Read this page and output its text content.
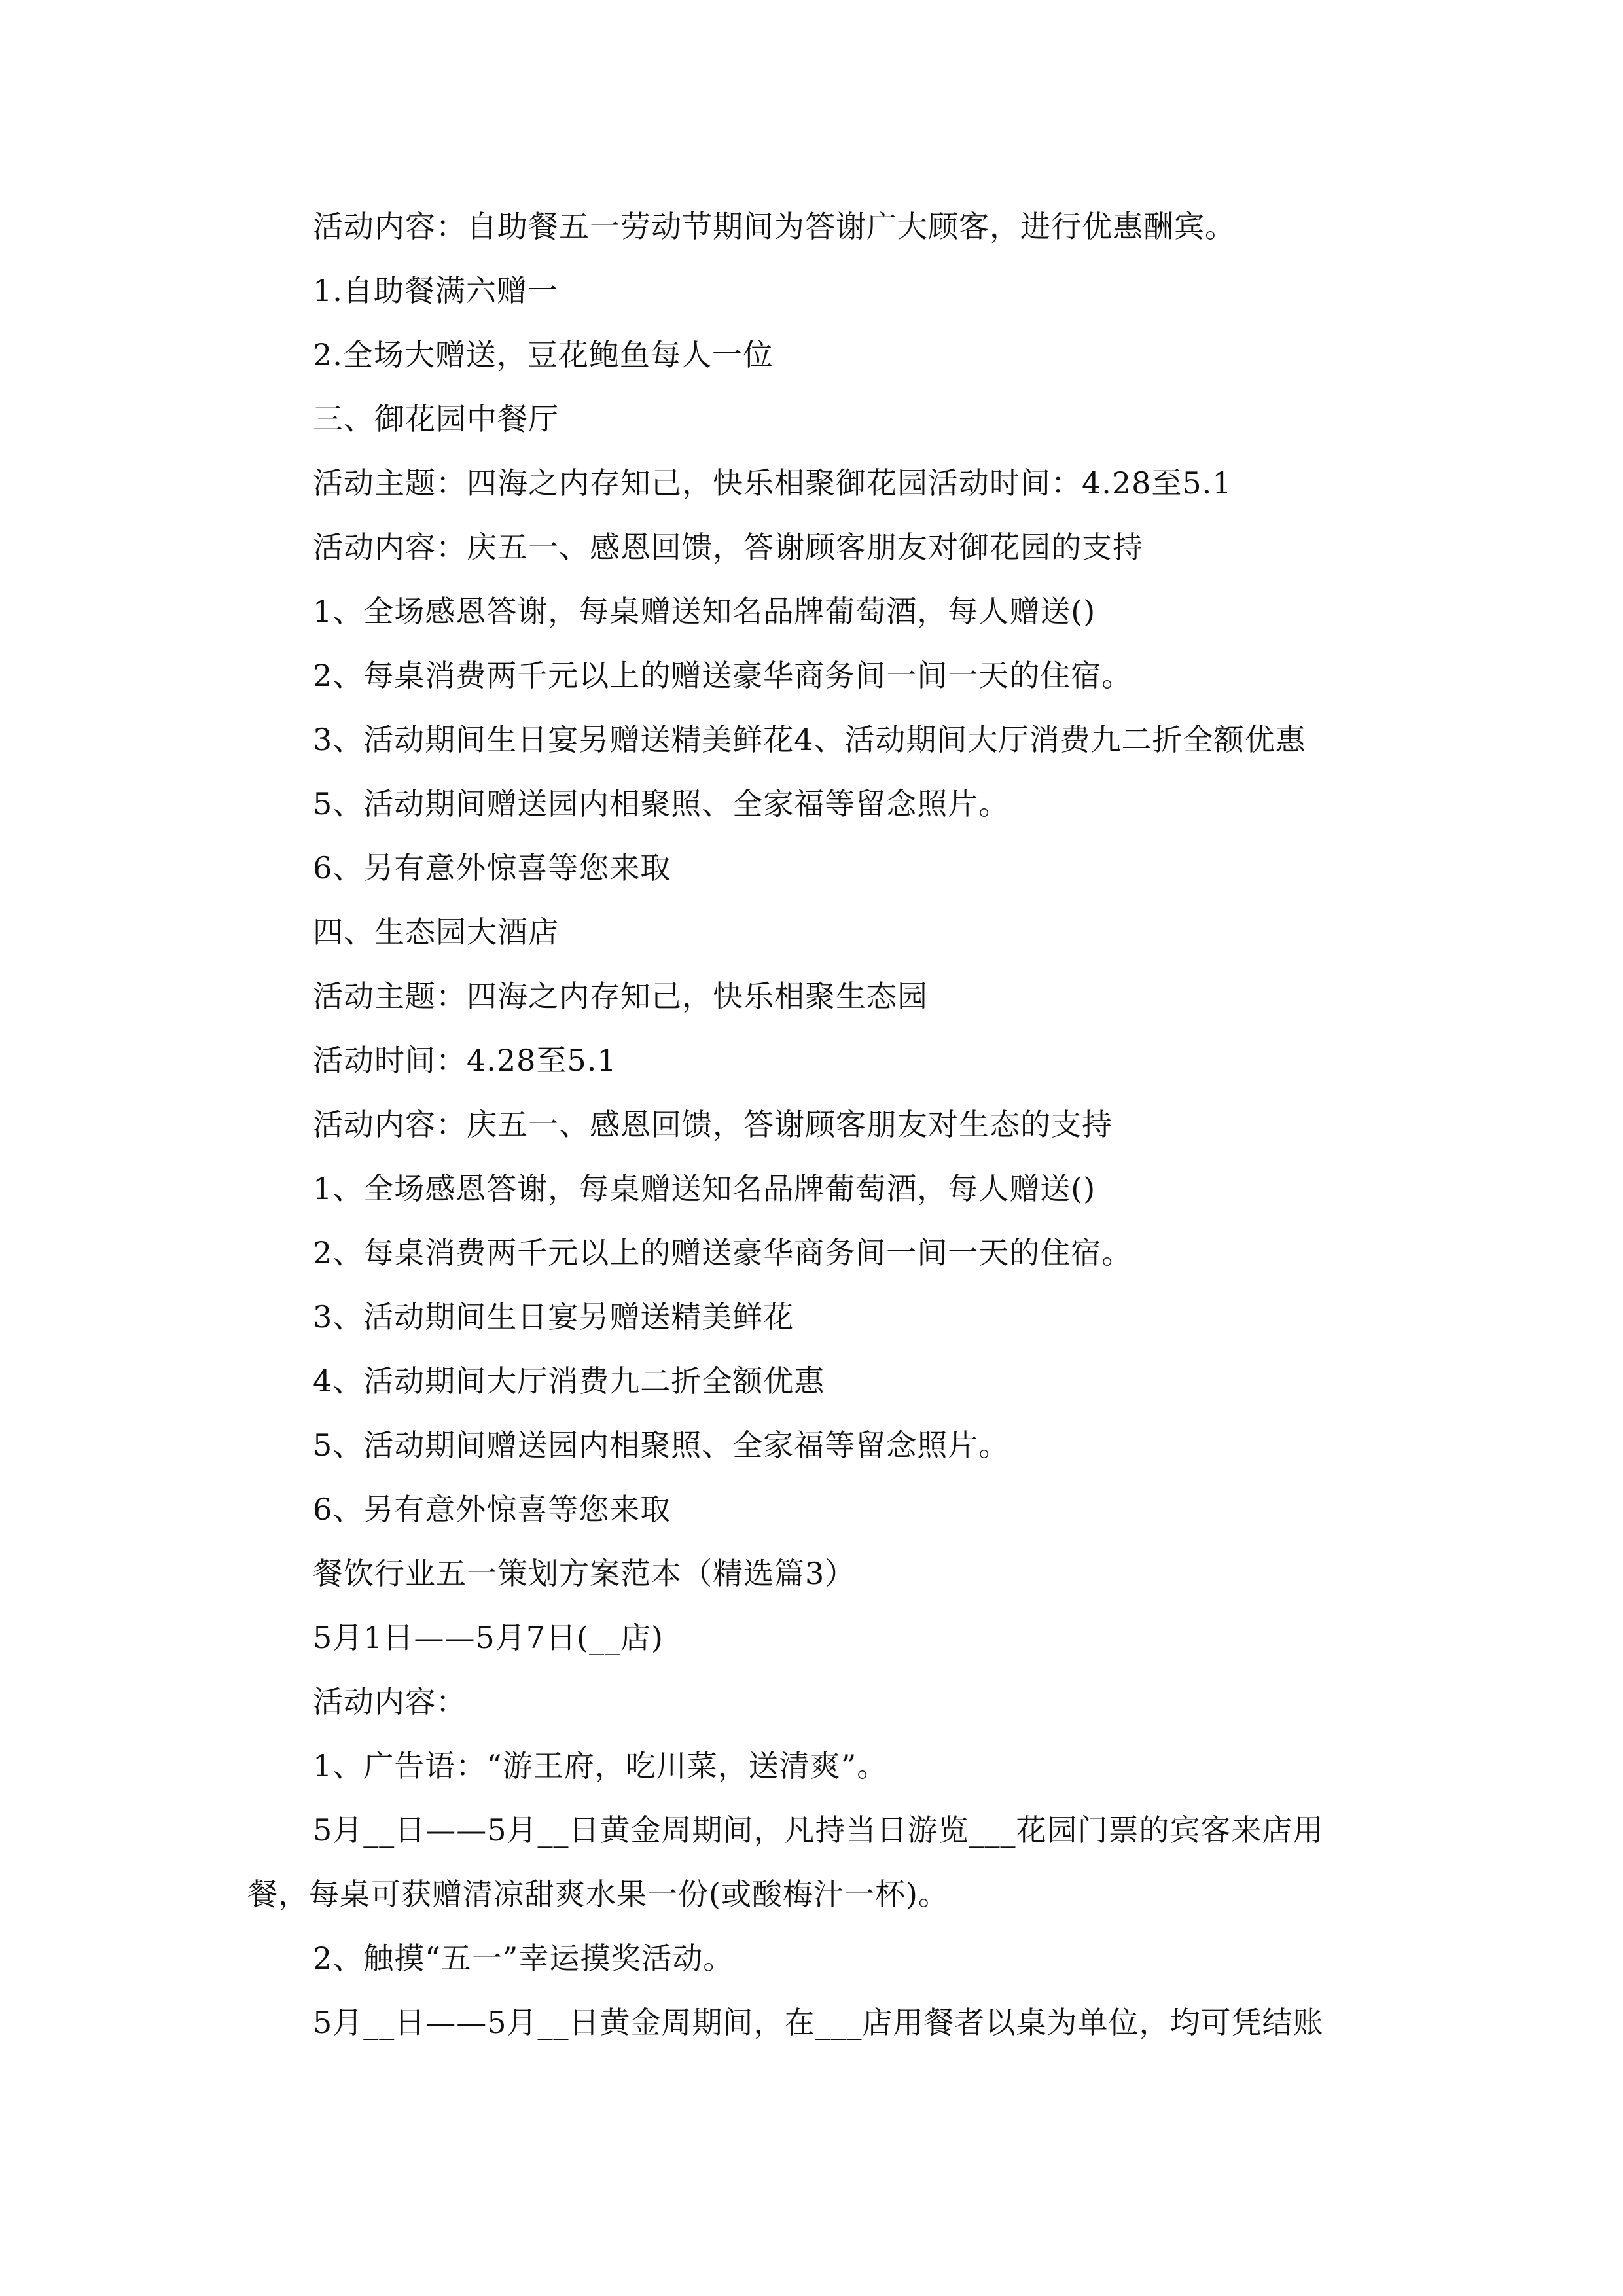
活动内容：自助餐五一劳动节期间为答谢广大顾客，进行优惠酬宾。
1.自助餐满六赠一
2.全场大赠送，豆花鲍鱼每人一位
三、御花园中餐厅
活动主题：四海之内存知己，快乐相聚御花园活动时间：4.28至5.1
活动内容：庆五一、感恩回馈，答谢顾客朋友对御花园的支持
1、全场感恩答谢，每桌赠送知名品牌葡萄酒，每人赠送()
2、每桌消费两千元以上的赠送豪华商务间一间一天的住宿。
3、活动期间生日宴另赠送精美鲜花4、活动期间大厅消费九二折全额优惠
5、活动期间赠送园内相聚照、全家福等留念照片。
6、另有意外惊喜等您来取
四、生态园大酒店
活动主题：四海之内存知己，快乐相聚生态园
活动时间：4.28至5.1
活动内容：庆五一、感恩回馈，答谢顾客朋友对生态的支持
1、全场感恩答谢，每桌赠送知名品牌葡萄酒，每人赠送()
2、每桌消费两千元以上的赠送豪华商务间一间一天的住宿。
3、活动期间生日宴另赠送精美鲜花
4、活动期间大厅消费九二折全额优惠
5、活动期间赠送园内相聚照、全家福等留念照片。
6、另有意外惊喜等您来取
餐饮行业五一策划方案范本（精选篇3）
5月1日——5月7日(__店)
活动内容：
1、广告语：“游王府，吃川菜，送清爽”。
5月__日——5月__日黄金周期间，凡持当日游览___花园门票的宾客来店用
餐，每桌可获赠清凉甜爽水果一份(或酸梅汁一杯)。
2、触摸“五一”幸运摸奖活动。
5月__日——5月__日黄金周期间，在___店用餐者以桌为单位，均可凭结账
